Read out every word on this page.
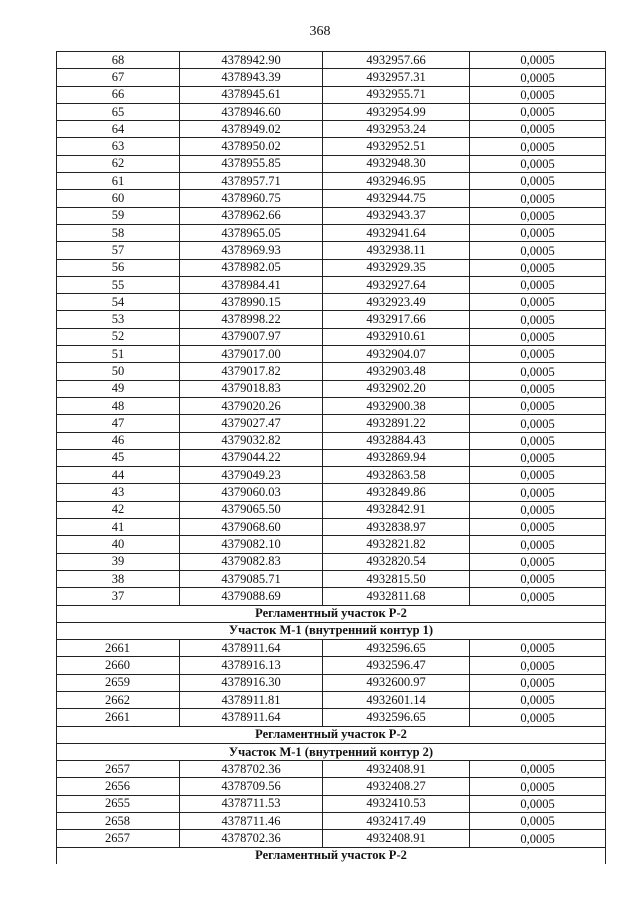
368
68	4378942.90	4932957.66	0,0005
67	4378943.39	4932957.31	0,0005
66	4378945.61	4932955.71	0,0005
65	4378946.60	4932954.99	0,0005
64	4378949.02	4932953.24	0,0005
63	4378950.02	4932952.51	0,0005
62	4378955.85	4932948.30	0,0005
61	4378957.71	4932946.95	0,0005
60	4378960.75	4932944.75	0,0005
59	4378962.66	4932943.37	0,0005
58	4378965.05	4932941.64	0,0005
57	4378969.93	4932938.11	0,0005
56	4378982.05	4932929.35	0,0005
55	4378984.41	4932927.64	0,0005
54	4378990.15	4932923.49	0,0005
53	4378998.22	4932917.66	0,0005
52	4379007.97	4932910.61	0,0005
51	4379017.00	4932904.07	0,0005
50	4379017.82	4932903.48	0,0005
49	4379018.83	4932902.20	0,0005
48	4379020.26	4932900.38	0,0005
47	4379027.47	4932891.22	0,0005
46	4379032.82	4932884.43	0,0005
45	4379044.22	4932869.94	0,0005
44	4379049.23	4932863.58	0,0005
43	4379060.03	4932849.86	0,0005
42	4379065.50	4932842.91	0,0005
41	4379068.60	4932838.97	0,0005
40	4379082.10	4932821.82	0,0005
39	4379082.83	4932820.54	0,0005
38	4379085.71	4932815.50	0,0005
37	4379088.69	4932811.68	0,0005
Регламентный участок Р-2			
Участок М-1 (внутренний контур 1)			
2661	4378911.64	4932596.65	0,0005
2660	4378916.13	4932596.47	0,0005
2659	4378916.30	4932600.97	0,0005
2662	4378911.81	4932601.14	0,0005
2661	4378911.64	4932596.65	0,0005
Регламентный участок Р-2			
Участок М-1 (внутренний контур 2)			
2657	4378702.36	4932408.91	0,0005
2656	4378709.56	4932408.27	0,0005
2655	4378711.53	4932410.53	0,0005
2658	4378711.46	4932417.49	0,0005
2657	4378702.36	4932408.91	0,0005
Регламентный участок Р-2			
